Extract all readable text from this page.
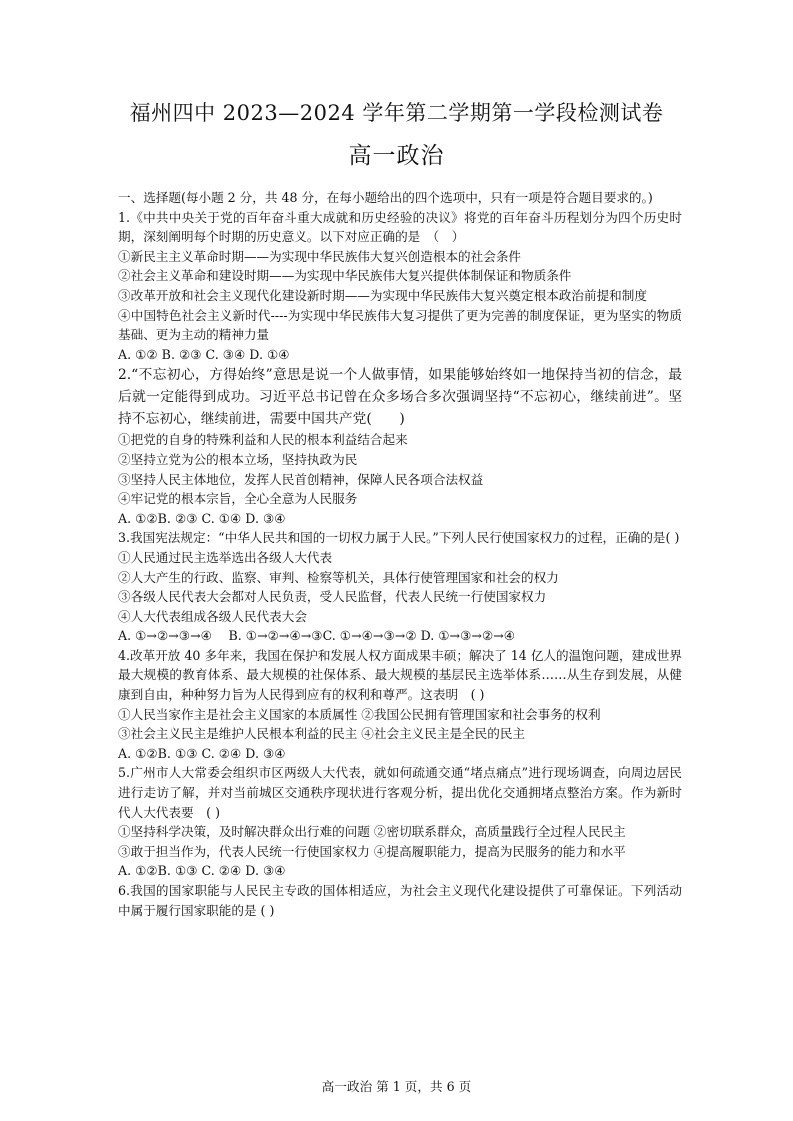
福州四中 2023—2024 学年第二学期第一学段检测试卷
高一政治

一、选择题(每小题 2 分，共 48 分，在每小题给出的四个选项中，只有一项是符合题目要求的。)

1.《中共中央关于党的百年奋斗重大成就和历史经验的决议》将党的百年奋斗历程划分为四个历史时期，深刻阐明每个时期的历史意义。以下对应正确的是　（　）

①新民主主义革命时期——为实现中华民族伟大复兴创造根本的社会条件

②社会主义革命和建设时期——为实现中华民族伟大复兴提供体制保证和物质条件

③改革开放和社会主义现代化建设新时期——为实现中华民族伟大复兴奠定根本政治前提和制度

④中国特色社会主义新时代----为实现中华民族伟大复习提供了更为完善的制度保证，更为坚实的物质基础、更为主动的精神力量

A. ①② B. ②③ C. ③④ D. ①④

2.“不忘初心，方得始终”意思是说一个人做事情，如果能够始终如一地保持当初的信念，最后就一定能得到成功。习近平总书记曾在众多场合多次强调坚持“不忘初心，继续前进”。坚持不忘初心，继续前进，需要中国共产党(　　)

①把党的自身的特殊利益和人民的根本利益结合起来

②坚持立党为公的根本立场，坚持执政为民

③坚持人民主体地位，发挥人民首创精神，保障人民各项合法权益

④牢记党的根本宗旨，全心全意为人民服务

A. ①②B. ②③ C. ①④ D. ③④

3.我国宪法规定：“中华人民共和国的一切权力属于人民。”下列人民行使国家权力的过程，正确的是( )

①人民通过民主选举选出各级人大代表

②人大产生的行政、监察、审判、检察等机关，具体行使管理国家和社会的权力

③各级人民代表大会都对人民负责，受人民监督，代表人民统一行使国家权力

④人大代表组成各级人民代表大会

A. ①→②→③→④　 B. ①→②→④→③C. ①→④→③→② D. ①→③→②→④

4.改革开放 40 多年来，我国在保护和发展人权方面成果丰硕；解决了 14 亿人的温饱问题，建成世界最大规模的教育体系、最大规模的社保体系、最大规模的基层民主选举体系……从生存到发展，从健康到自由，种种努力旨为人民得到应有的权利和尊严。这表明　( )

①人民当家作主是社会主义国家的本质属性 ②我国公民拥有管理国家和社会事务的权利

③社会主义民主是维护人民根本利益的民主 ④社会主义民主是全民的民主

A. ①②B. ①③ C. ②④ D. ③④

5.广州市人大常委会组织市区两级人大代表，就如何疏通交通“堵点痛点”进行现场调查，向周边居民进行走访了解，并对当前城区交通秩序现状进行客观分析，提出优化交通拥堵点整治方案。作为新时代人大代表要　( )

①坚持科学决策，及时解决群众出行难的问题 ②密切联系群众，高质量践行全过程人民民主

③敢于担当作为，代表人民统一行使国家权力 ④提高履职能力，提高为民服务的能力和水平

A. ①②B. ①③ C. ②④ D. ③④

6.我国的国家职能与人民民主专政的国体相适应，为社会主义现代化建设提供了可靠保证。下列活动中属于履行国家职能的是 ( )

高一政治 第 1 页，共 6 页
